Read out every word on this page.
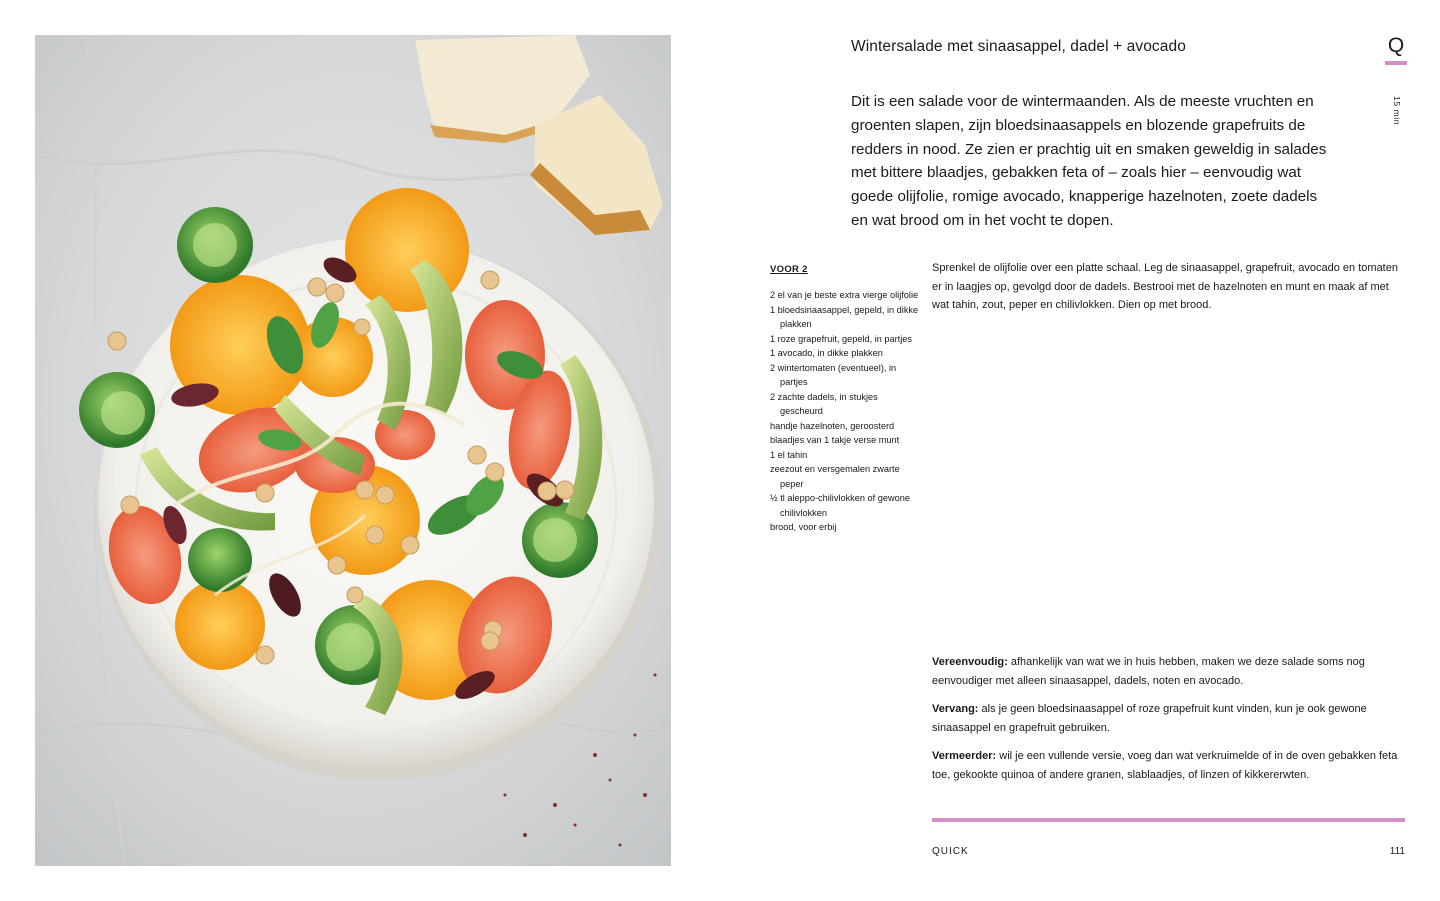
Wintersalade met sinaasappel, dadel + avocado	Q
15 min

Dit is een salade voor de wintermaanden. Als de meeste vruchten en groenten slapen, zijn bloedsinaasappels en blozende grapefruits de redders in nood. Ze zien er prachtig uit en smaken geweldig in salades met bittere blaadjes, gebakken feta of – zoals hier – eenvoudig wat goede olijfolie, romige avocado, knapperige hazelnoten, zoete dadels en wat brood om in het vocht te dopen.

VOOR 2

2 el van je beste extra vierge olijfolie
1 bloedsinaasappel, gepeld, in dikke plakken
1 roze grapefruit, gepeld, in partjes
1 avocado, in dikke plakken
2 wintertomaten (eventueel), in partjes
2 zachte dadels, in stukjes gescheurd
handje hazelnoten, geroosterd
blaadjes van 1 takje verse munt
1 el tahin
zeezout en versgemalen zwarte peper
½ tl aleppo-chilivlokken of gewone chilivlokken
brood, voor erbij

Sprenkel de olijfolie over een platte schaal. Leg de sinaasappel, grapefruit, avocado en tomaten er in laagjes op, gevolgd door de dadels. Bestrooi met de hazelnoten en munt en maak af met wat tahin, zout, peper en chilivlokken. Dien op met brood.

Vereenvoudig: afhankelijk van wat we in huis hebben, maken we deze salade soms nog eenvoudiger met alleen sinaasappel, dadels, noten en avocado.

Vervang: als je geen bloedsinaasappel of roze grapefruit kunt vinden, kun je ook gewone sinaasappel en grapefruit gebruiken.

Vermeerder: wil je een vullende versie, voeg dan wat verkruimelde of in de oven gebakken feta toe, gekookte quinoa of andere granen, slablaadjes, of linzen of kikkererwten.

QUICK	111
